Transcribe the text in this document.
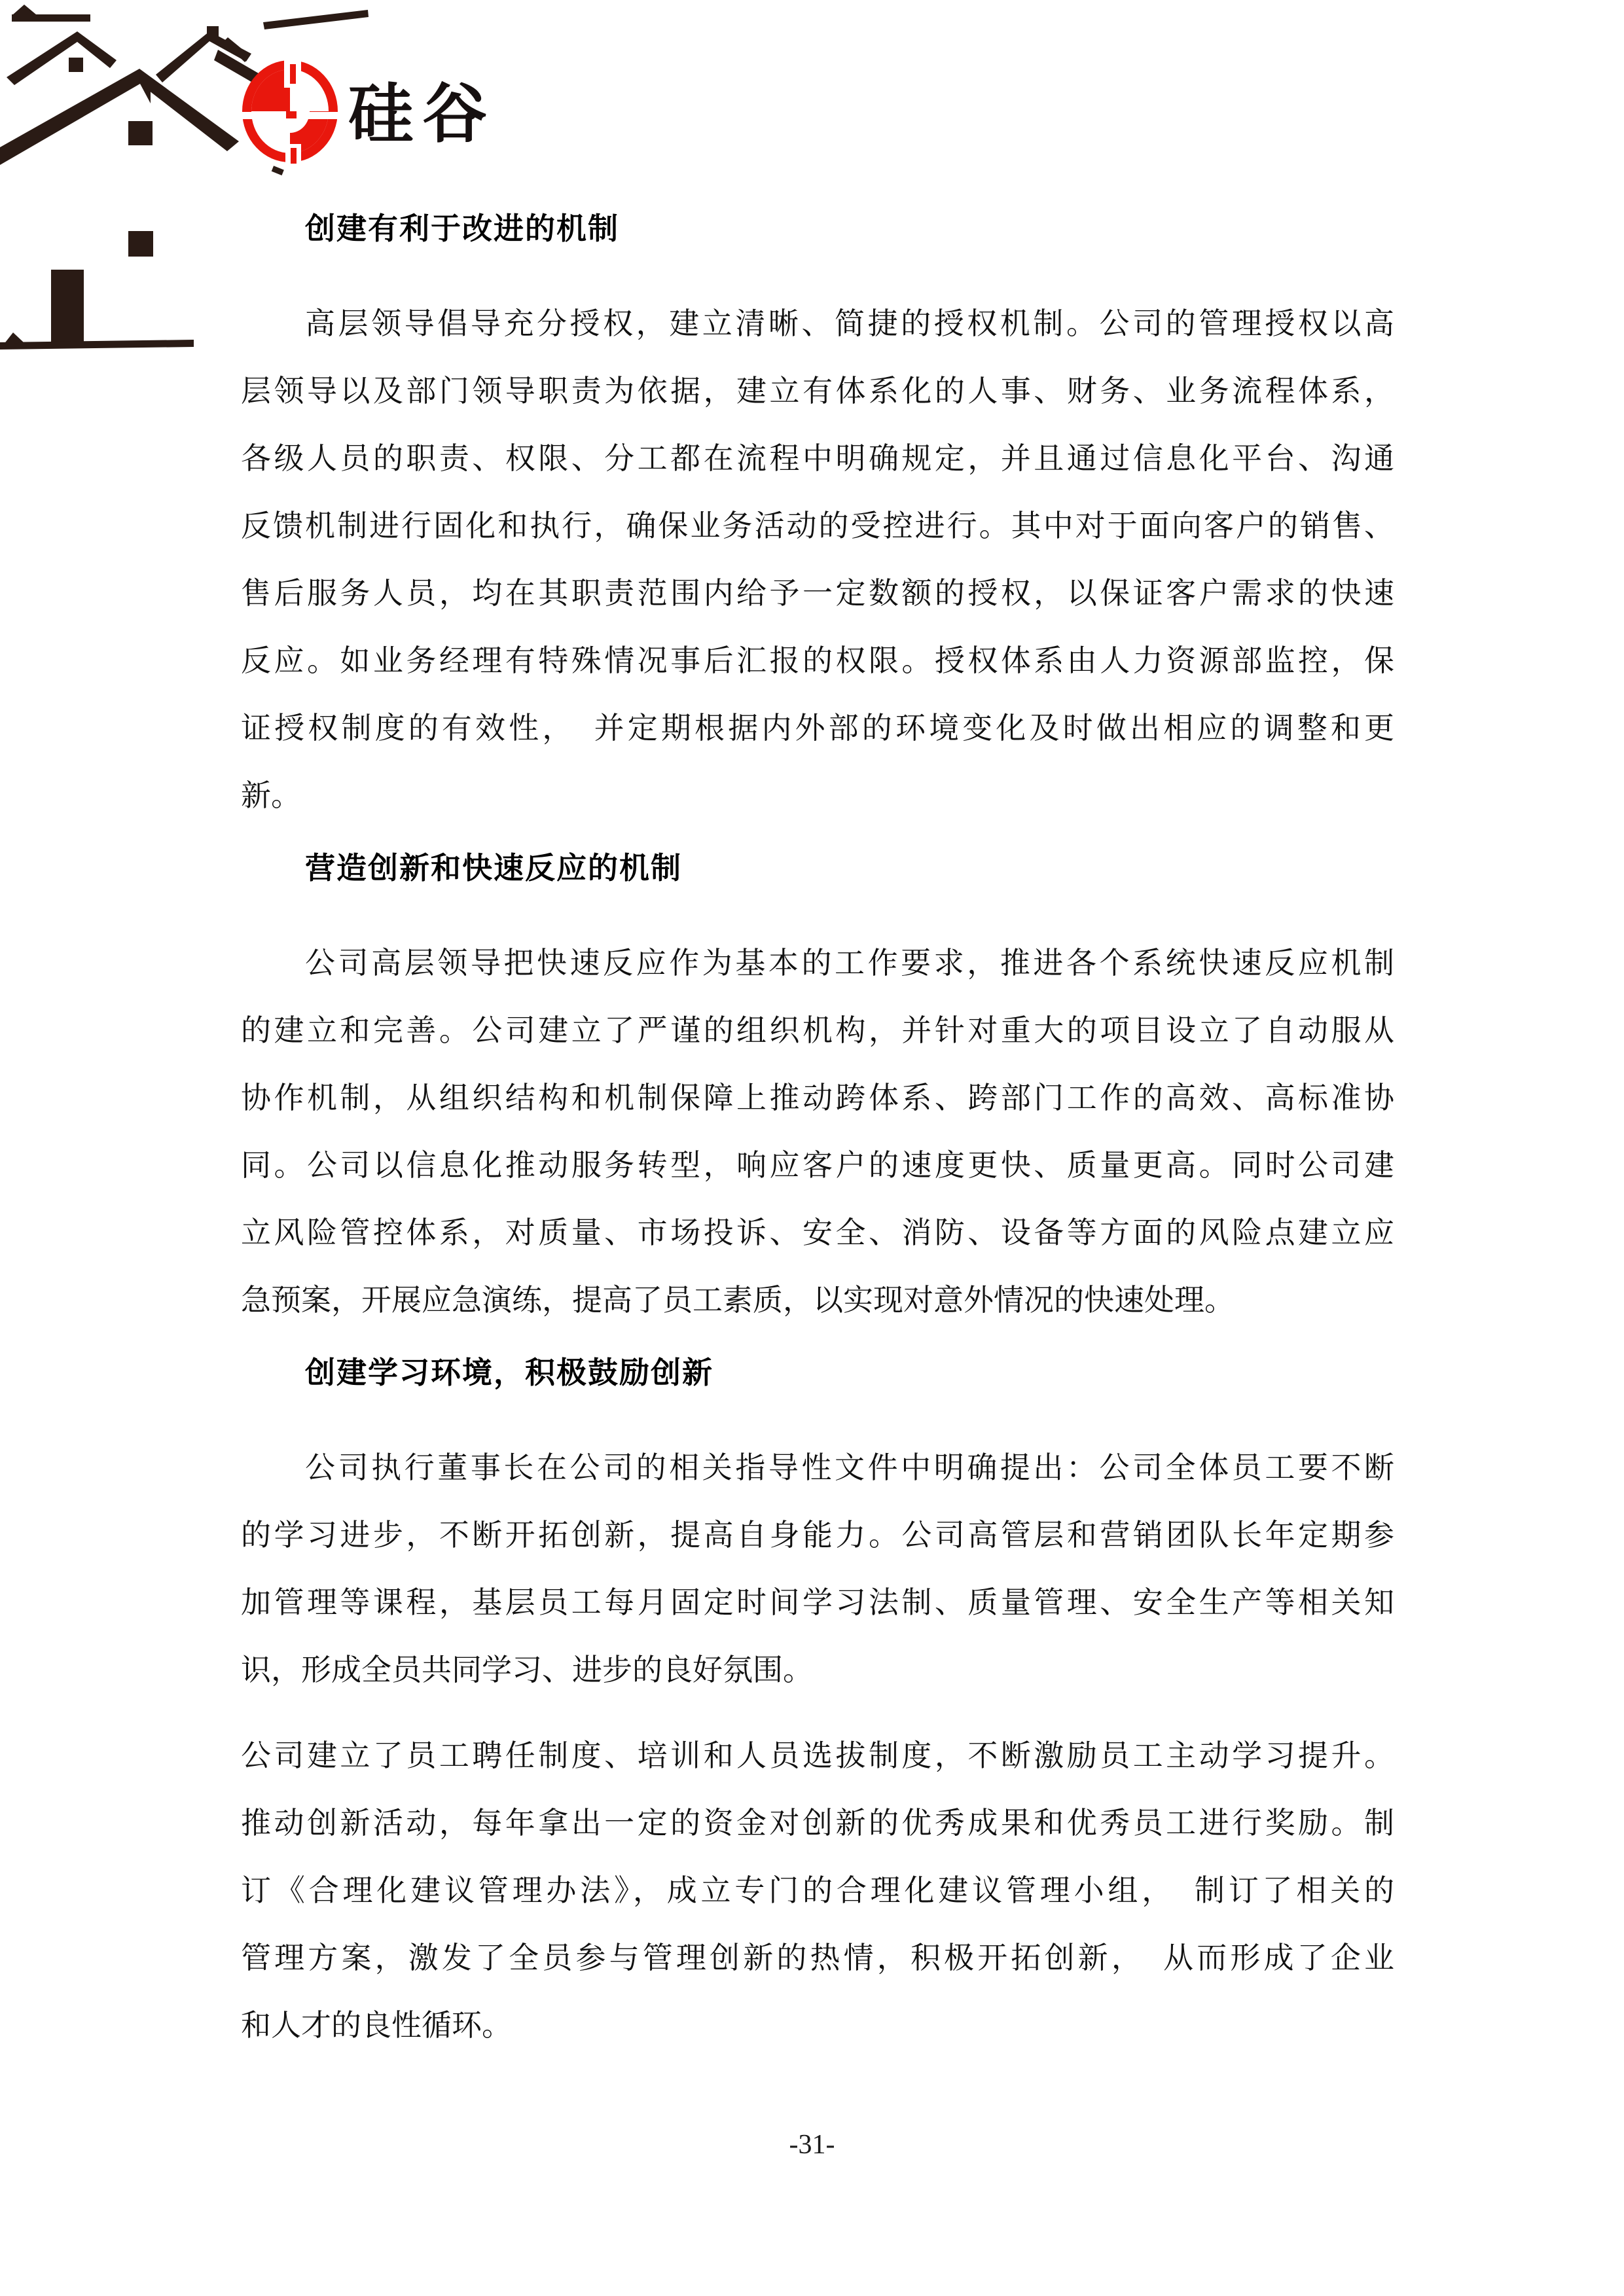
硅谷
创建有利于改进的机制
高层领导倡导充分授权，建立清晰、简捷的授权机制。公司的管理授权以高
层领导以及部门领导职责为依据，建立有体系化的人事、财务、业务流程体系，
各级人员的职责、权限、分工都在流程中明确规定，并且通过信息化平台、沟通
反馈机制进行固化和执行，确保业务活动的受控进行。其中对于面向客户的销售、
售后服务人员，均在其职责范围内给予一定数额的授权，以保证客户需求的快速
反应。如业务经理有特殊情况事后汇报的权限。授权体系由人力资源部监控，保
证授权制度的有效性，　并定期根据内外部的环境变化及时做出相应的调整和更
新。
营造创新和快速反应的机制
公司高层领导把快速反应作为基本的工作要求，推进各个系统快速反应机制
的建立和完善。公司建立了严谨的组织机构，并针对重大的项目设立了自动服从
协作机制，从组织结构和机制保障上推动跨体系、跨部门工作的高效、高标准协
同。公司以信息化推动服务转型，响应客户的速度更快、质量更高。同时公司建
立风险管控体系，对质量、市场投诉、安全、消防、设备等方面的风险点建立应
急预案，开展应急演练，提高了员工素质，以实现对意外情况的快速处理。
创建学习环境，积极鼓励创新
公司执行董事长在公司的相关指导性文件中明确提出：公司全体员工要不断
的学习进步，不断开拓创新，提高自身能力。公司高管层和营销团队长年定期参
加管理等课程，基层员工每月固定时间学习法制、质量管理、安全生产等相关知
识，形成全员共同学习、进步的良好氛围。
公司建立了员工聘任制度、培训和人员选拔制度，不断激励员工主动学习提升。
推动创新活动，每年拿出一定的资金对创新的优秀成果和优秀员工进行奖励。制
订《合理化建议管理办法》，成立专门的合理化建议管理小组，　制订了相关的
管理方案，激发了全员参与管理创新的热情，积极开拓创新，　从而形成了企业
和人才的良性循环。
-31-
